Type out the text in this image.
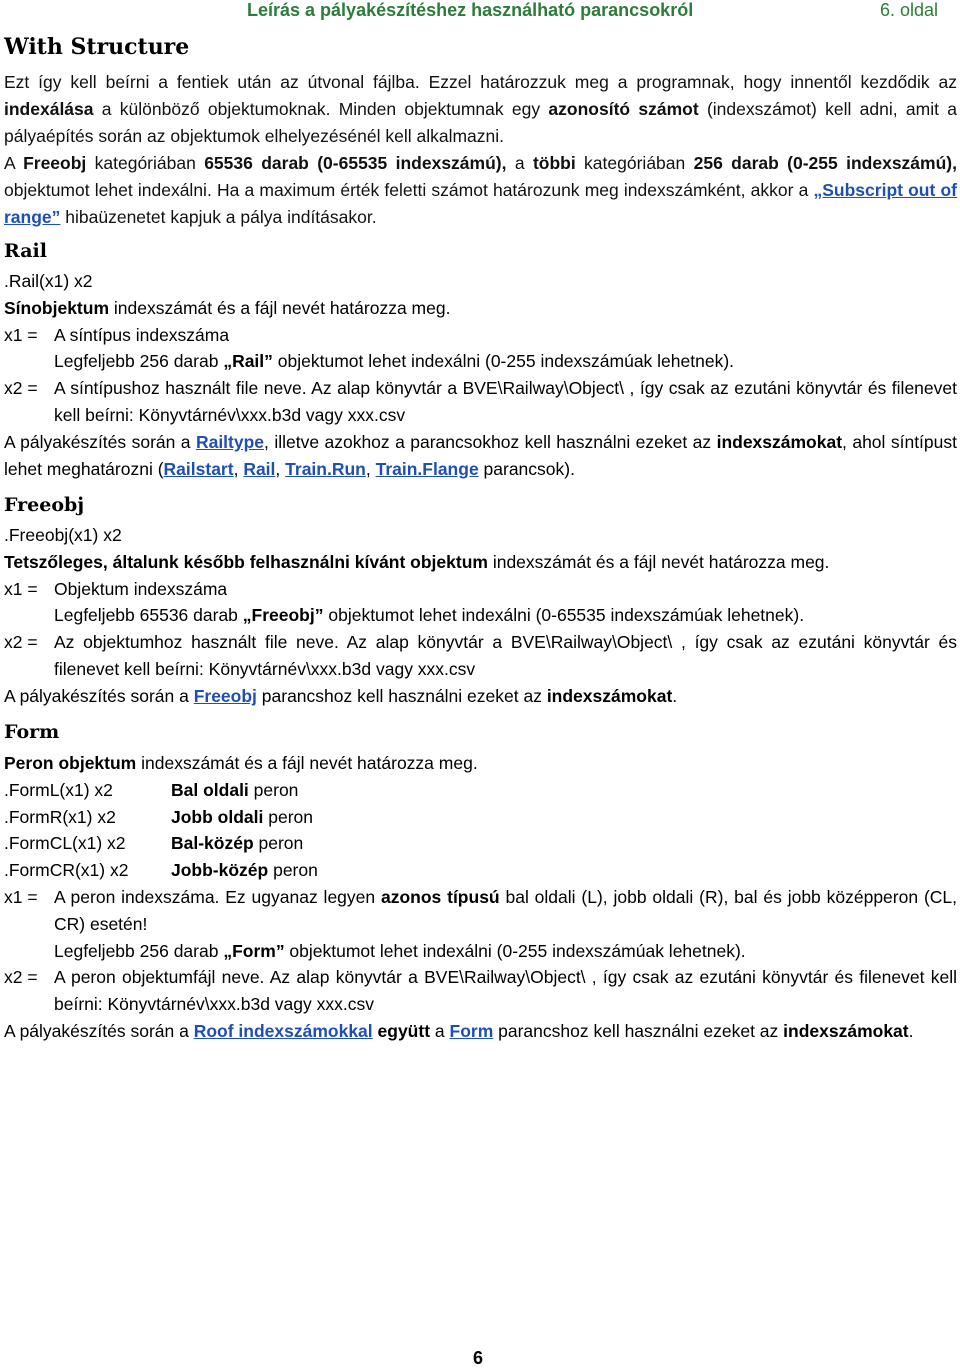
Leírás a pályakészítéshez használható parancsokról	6. oldal
With Structure

Ezt így kell beírni a fentiek után az útvonal fájlba. Ezzel határozzuk meg a programnak, hogy innentől kezdődik az indexálása a különböző objektumoknak. Minden objektumnak egy azonosító számot (indexszámot) kell adni, amit a pályaépítés során az objektumok elhelyezésénél kell alkalmazni.

A Freeobj kategóriában 65536 darab (0-65535 indexszámú), a többi kategóriában 256 darab (0-255 indexszámú), objektumot lehet indexálni. Ha a maximum érték feletti számot határozunk meg indexszámként, akkor a „Subscript out of range” hibaüzenetet kapjuk a pálya indításakor.

Rail
.Rail(x1) x2
Sínobjektum indexszámát és a fájl nevét határozza meg.
x1 = A síntípus indexszáma
Legfeljebb 256 darab „Rail” objektumot lehet indexálni (0-255 indexszámúak lehetnek).
x2 = A síntípushoz használt file neve. Az alap könyvtár a BVE\Railway\Object\ , így csak az ezutáni könyvtár és filenevet kell beírni: Könyvtárnév\xxx.b3d vagy xxx.csv
A pályakészítés során a Railtype, illetve azokhoz a parancsokhoz kell használni ezeket az indexszámokat, ahol síntípust lehet meghatározni (Railstart, Rail, Train.Run, Train.Flange parancsok).
Freeobj
.Freeobj(x1) x2
Tetszőleges, általunk később felhasználni kívánt objektum indexszámát és a fájl nevét határozza meg.
x1 = Objektum indexszáma
Legfeljebb 65536 darab „Freeobj” objektumot lehet indexálni (0-65535 indexszámúak lehetnek).
x2 = Az objektumhoz használt file neve. Az alap könyvtár a BVE\Railway\Object\ , így csak az ezutáni könyvtár és filenevet kell beírni: Könyvtárnév\xxx.b3d vagy xxx.csv
A pályakészítés során a Freeobj parancshoz kell használni ezeket az indexszámokat.
Form
Peron objektum indexszámát és a fájl nevét határozza meg.
.FormL(x1) x2	Bal oldali peron
.FormR(x1) x2	Jobb oldali peron
.FormCL(x1) x2	Bal-közép peron
.FormCR(x1) x2	Jobb-közép peron
x1 = A peron indexszáma. Ez ugyanaz legyen azonos típusú bal oldali (L), jobb oldali (R), bal és jobb középperon (CL, CR) esetén!
Legfeljebb 256 darab „Form” objektumot lehet indexálni (0-255 indexszámúak lehetnek).
x2 = A peron objektumfájl neve. Az alap könyvtár a BVE\Railway\Object\ , így csak az ezutáni könyvtár és filenevet kell beírni: Könyvtárnév\xxx.b3d vagy xxx.csv
A pályakészítés során a Roof indexszámokkal együtt a Form parancshoz kell használni ezeket az indexszámokat.
6
